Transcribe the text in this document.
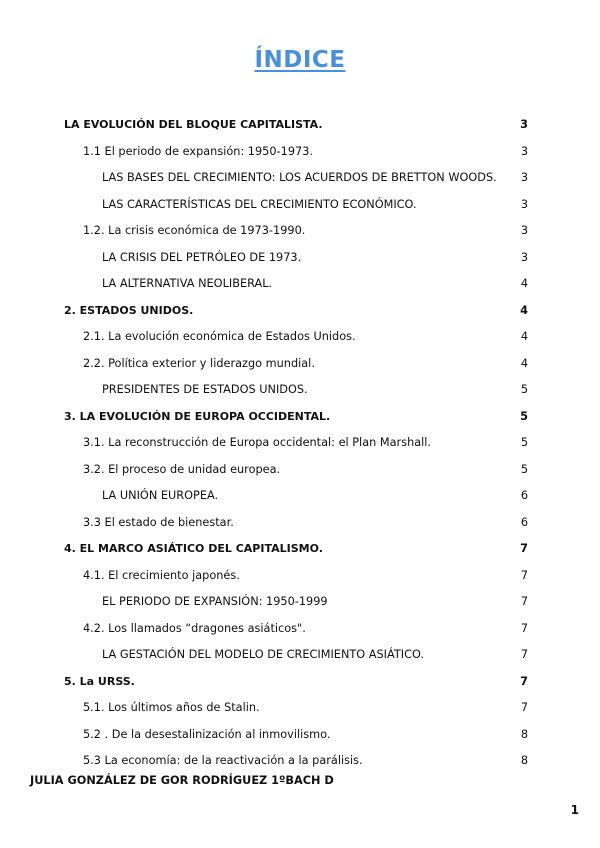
ÍNDICE
LA EVOLUCIÓN DEL BLOQUE CAPITALISTA.	3
1.1 El periodo de expansión: 1950-1973.	3
LAS BASES DEL CRECIMIENTO: LOS ACUERDOS DE BRETTON WOODS. 3
LAS CARACTERÍSTICAS DEL CRECIMIENTO ECONÓMICO.	3
1.2. La crisis económica de 1973-1990.	3
LA CRISIS DEL PETRÓLEO DE 1973.	3
LA ALTERNATIVA NEOLIBERAL.	4
2. ESTADOS UNIDOS.	4
2.1. La evolución económica de Estados Unidos.	4
2.2. Política exterior y liderazgo mundial.	4
PRESIDENTES DE ESTADOS UNIDOS.	5
3. LA EVOLUCIÓN DE EUROPA OCCIDENTAL.	5
3.1. La reconstrucción de Europa occidental: el Plan Marshall.	5
3.2. El proceso de unidad europea.	5
LA UNIÓN EUROPEA.	6
3.3 El estado de bienestar.	6
4. EL MARCO ASIÁTICO DEL CAPITALISMO.	7
4.1. El crecimiento japonés.	7
EL PERIODO DE EXPANSIÓN: 1950-1999	7
4.2. Los llamados “dragones asiáticos".	7
LA GESTACIÓN DEL MODELO DE CRECIMIENTO ASIÁTICO.	7
5. La URSS.	7
5.1. Los últimos años de Stalin.	7
5.2 . De la desestalinización al inmovilismo.	8
5.3 La economía: de la reactivación a la parálisis.	8
JULIA GONZÁLEZ DE GOR RODRÍGUEZ 1ºBACH D
1
